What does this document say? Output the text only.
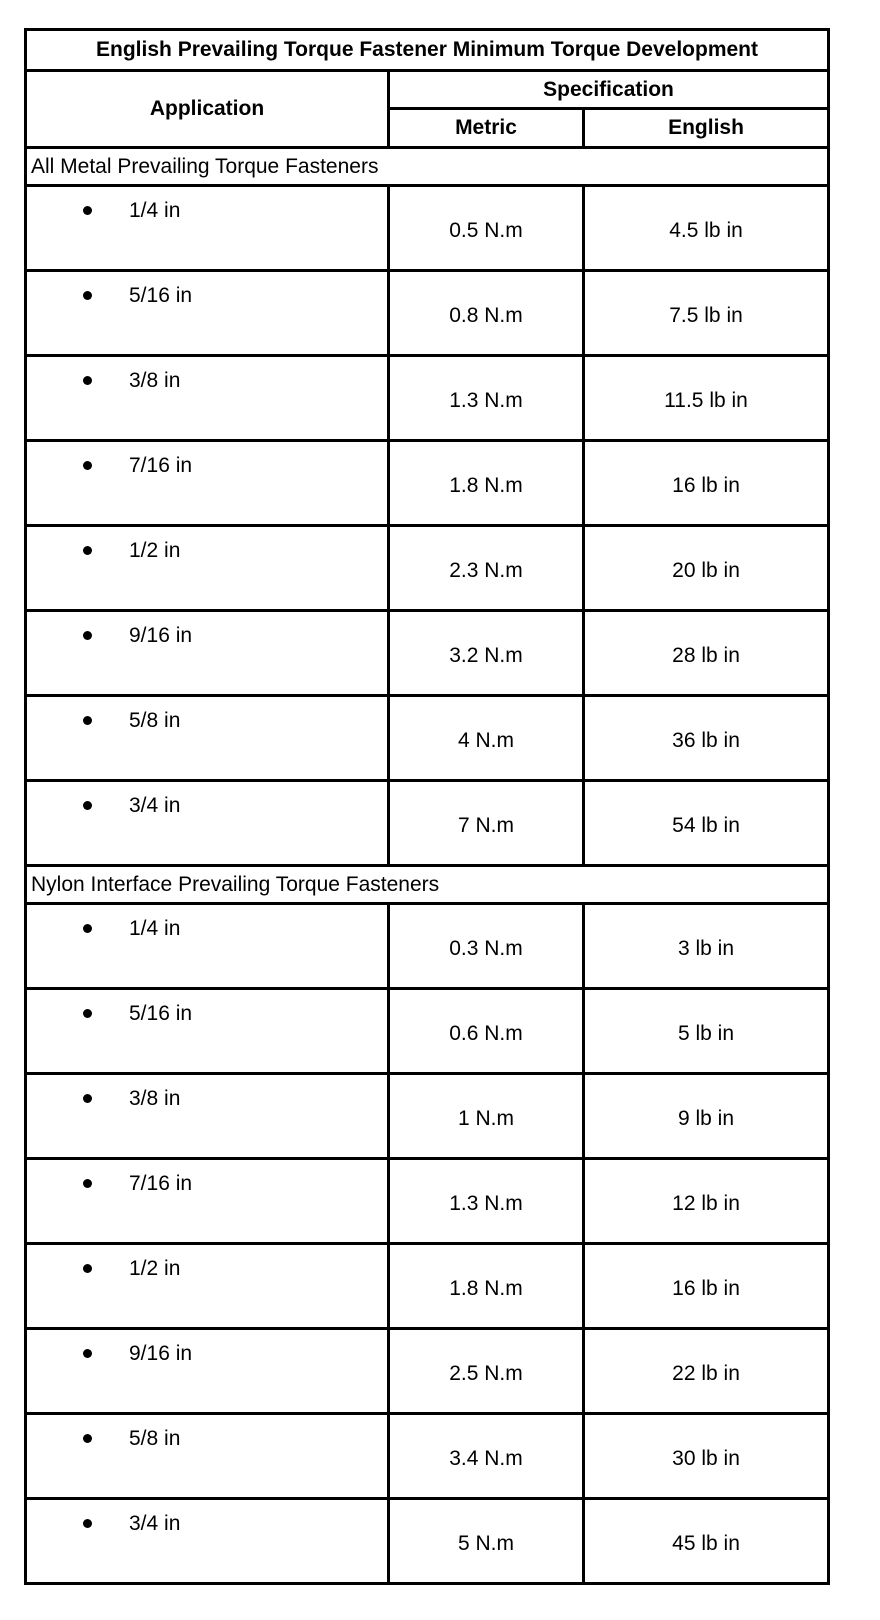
English Prevailing Torque Fastener Minimum Torque Development		
Application	Specification	
	Metric	English
All Metal Prevailing Torque Fasteners		

1/4 in	0.5 N.m	4.5 lb in

5/16 in	0.8 N.m	7.5 lb in

3/8 in	1.3 N.m	11.5 lb in

7/16 in	1.8 N.m	16 lb in

1/2 in	2.3 N.m	20 lb in

9/16 in	3.2 N.m	28 lb in

5/8 in	4 N.m	36 lb in

3/4 in	7 N.m	54 lb in
Nylon Interface Prevailing Torque Fasteners		

1/4 in	0.3 N.m	3 lb in

5/16 in	0.6 N.m	5 lb in

3/8 in	1 N.m	9 lb in

7/16 in	1.3 N.m	12 lb in

1/2 in	1.8 N.m	16 lb in

9/16 in	2.5 N.m	22 lb in

5/8 in	3.4 N.m	30 lb in

3/4 in	5 N.m	45 lb in
